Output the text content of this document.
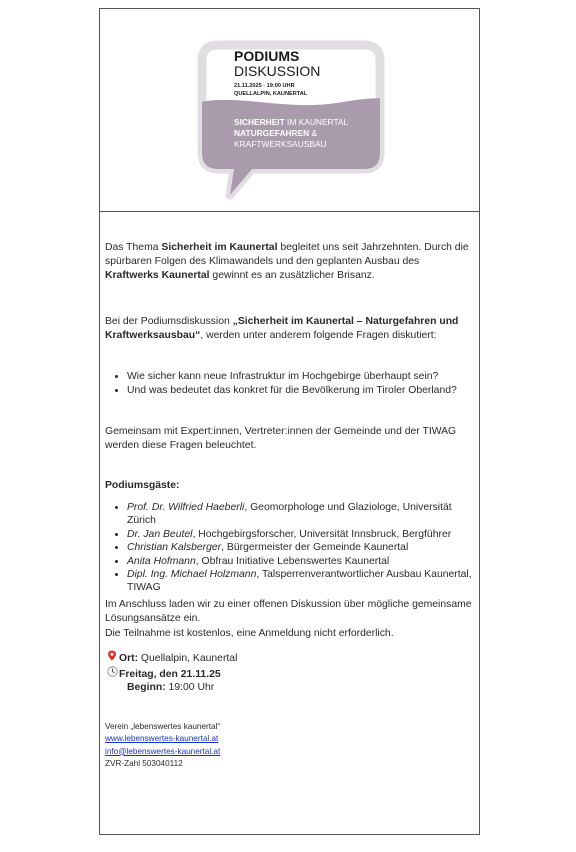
PODIUMS
DISKUSSION
21.11.2025 · 19:00 UHR
QUELLALPIN, KAUNERTAL
SICHERHEIT IM KAUNERTAL
NATURGEFAHREN &
KRAFTWERKSAUSBAU

Das Thema Sicherheit im Kaunertal begleitet uns seit Jahrzehnten. Durch die spürbaren Folgen des Klimawandels und den geplanten Ausbau des Kraftwerks Kaunertal gewinnt es an zusätzlicher Brisanz.

Bei der Podiumsdiskussion „Sicherheit im Kaunertal – Naturgefahren und Kraftwerksausbau“, werden unter anderem folgende Fragen diskutiert:

• Wie sicher kann neue Infrastruktur im Hochgebirge überhaupt sein?
• Und was bedeutet das konkret für die Bevölkerung im Tiroler Oberland?

Gemeinsam mit Expert:innen, Vertreter:innen der Gemeinde und der TIWAG werden diese Fragen beleuchtet.

Podiumsgäste:

• Prof. Dr. Wilfried Haeberli, Geomorphologe und Glaziologe, Universität Zürich
• Dr. Jan Beutel, Hochgebirgsforscher, Universität Innsbruck, Bergführer
• Christian Kalsberger, Bürgermeister der Gemeinde Kaunertal
• Anita Hofmann, Obfrau Initiative Lebenswertes Kaunertal
• Dipl. Ing. Michael Holzmann, Talsperrenverantwortlicher Ausbau Kaunertal, TIWAG

Im Anschluss laden wir zu einer offenen Diskussion über mögliche gemeinsame Lösungsansätze ein.

Die Teilnahme ist kostenlos, eine Anmeldung nicht erforderlich.

Ort: Quellalpin, Kaunertal

Freitag, den 21.11.25

Beginn: 19:00 Uhr

Verein „lebenswertes kaunertal“
www.lebenswertes-kaunertal.at
info@lebenswertes-kaunertal.at
ZVR-Zahl 503040112
